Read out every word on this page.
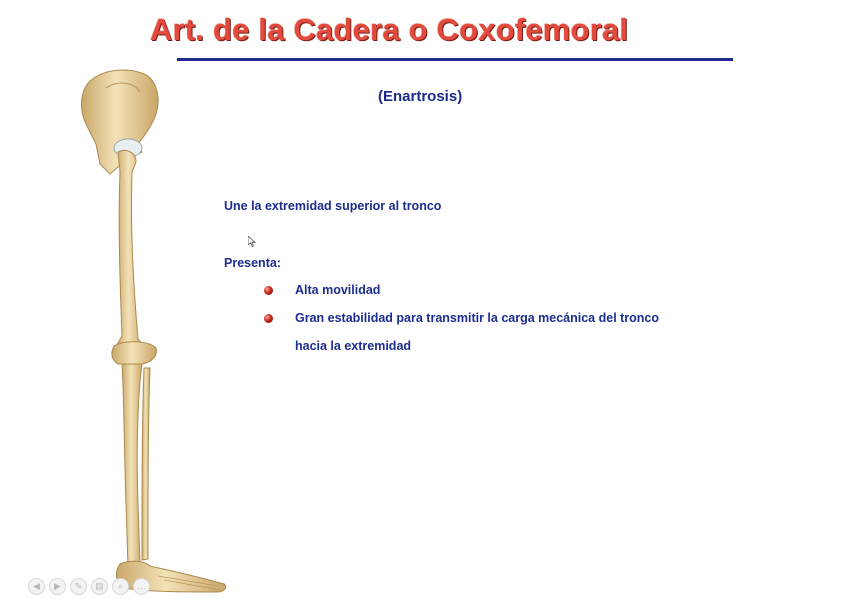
Art. de la Cadera o Coxofemoral
(Enartrosis)
Une la extremidad superior al tronco
Presenta:
Alta movilidad
Gran estabilidad para transmitir la carga mecánica del tronco
hacia la extremidad
◀	▶	✎	▤	⌕	…
